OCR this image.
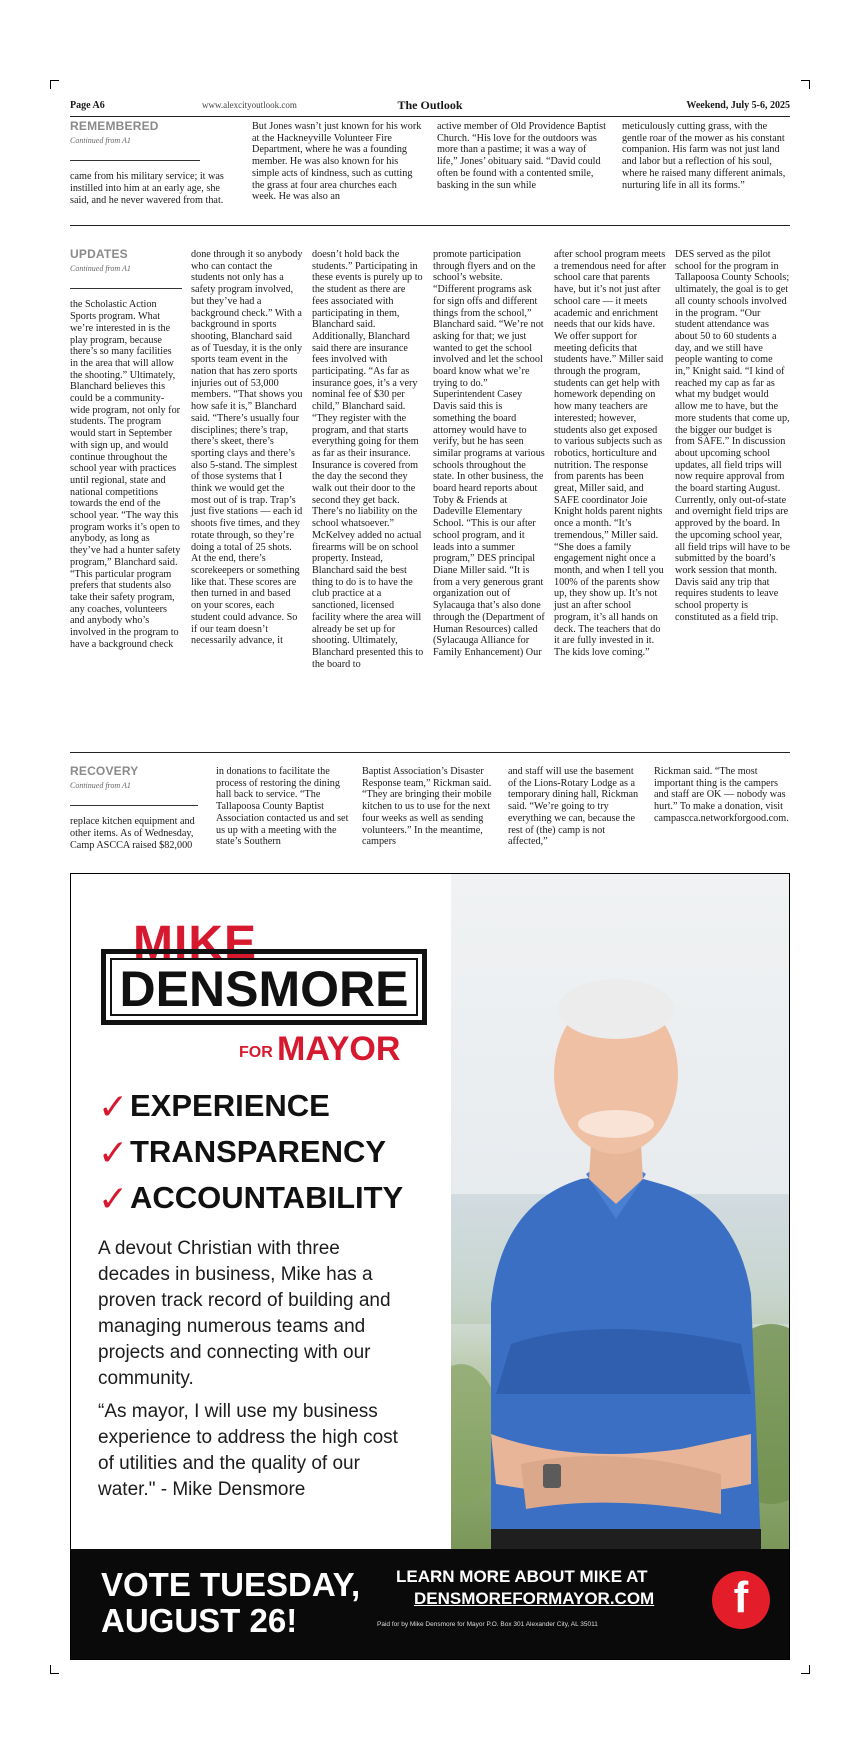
Page A6	www.alexcityoutlook.com	The Outlook	Weekend, July 5-6, 2025
REMEMBERED
Continued from A1

came from his military service; it was instilled into him at an early age, she said, and he never wavered from that.

But Jones wasn’t just known for his work at the Hackneyville Volunteer Fire Department, where he was a founding member. He was also known for his simple acts of kindness, such as cutting the grass at four area churches each week. He was also an

active member of Old Providence Baptist Church. “His love for the outdoors was more than a pastime; it was a way of life,” Jones’ obituary said. “David could often be found with a contented smile, basking in the sun while

meticulously cutting grass, with the gentle roar of the mower as his constant companion. His farm was not just land and labor but a reflection of his soul, where he raised many different animals, nurturing life in all its forms.”

UPDATES
Continued from A1

the Scholastic Action Sports program. What we’re interested in is the play program, because there’s so many facilities in the area that will allow the shooting.” Ultimately, Blanchard believes this could be a community-wide program, not only for students. The program would start in September with sign up, and would continue throughout the school year with practices until regional, state and national competitions towards the end of the school year. “The way this program works it’s open to anybody, as long as they’ve had a hunter safety program,” Blanchard said. “This particular program prefers that students also take their safety program, any coaches, volunteers and anybody who’s involved in the program to have a background check

done through it so anybody who can contact the students not only has a safety program involved, but they’ve had a background check.” With a background in sports shooting, Blanchard said as of Tuesday, it is the only sports team event in the nation that has zero sports injuries out of 53,000 members. “That shows you how safe it is,” Blanchard said. “There’s usually four disciplines; there’s trap, there’s skeet, there’s sporting clays and there’s also 5-stand. The simplest of those systems that I think we would get the most out of is trap. Trap’s just five stations — each id shoots five times, and they rotate through, so they’re doing a total of 25 shots. At the end, there’s scorekeepers or something like that. These scores are then turned in and based on your scores, each student could advance. So if our team doesn’t necessarily advance, it

doesn’t hold back the students.” Participating in these events is purely up to the student as there are fees associated with participating in them, Blanchard said. Additionally, Blanchard said there are insurance fees involved with participating. “As far as insurance goes, it’s a very nominal fee of $30 per child,” Blanchard said. “They register with the program, and that starts everything going for them as far as their insurance. Insurance is covered from the day the second they walk out their door to the second they get back. There’s no liability on the school whatsoever.” McKelvey added no actual firearms will be on school property. Instead, Blanchard said the best thing to do is to have the club practice at a sanctioned, licensed facility where the area will already be set up for shooting. Ultimately, Blanchard presented this to the board to

promote participation through flyers and on the school’s website. “Different programs ask for sign offs and different things from the school,” Blanchard said. “We’re not asking for that; we just wanted to get the school involved and let the school board know what we’re trying to do.” Superintendent Casey Davis said this is something the board attorney would have to verify, but he has seen similar programs at various schools throughout the state. In other business, the board heard reports about Toby & Friends at Dadeville Elementary School. “This is our after school program, and it leads into a summer program,” DES principal Diane Miller said. “It is from a very generous grant organization out of Sylacauga that’s also done through the (Department of Human Resources) called (Sylacauga Alliance for Family Enhancement) Our

after school program meets a tremendous need for after school care that parents have, but it’s not just after school care — it meets academic and enrichment needs that our kids have. We offer support for meeting deficits that students have.” Miller said through the program, students can get help with homework depending on how many teachers are interested; however, students also get exposed to various subjects such as robotics, horticulture and nutrition. The response from parents has been great, Miller said, and SAFE coordinator Joie Knight holds parent nights once a month. “It’s tremendous,” Miller said. “She does a family engagement night once a month, and when I tell you 100% of the parents show up, they show up. It’s not just an after school program, it’s all hands on deck. The teachers that do it are fully invested in it. The kids love coming.”

DES served as the pilot school for the program in Tallapoosa County Schools; ultimately, the goal is to get all county schools involved in the program. “Our student attendance was about 50 to 60 students a day, and we still have people wanting to come in,” Knight said. “I kind of reached my cap as far as what my budget would allow me to have, but the more students that come up, the bigger our budget is from SAFE.” In discussion about upcoming school updates, all field trips will now require approval from the board starting August. Currently, only out-of-state and overnight field trips are approved by the board. In the upcoming school year, all field trips will have to be submitted by the board’s work session that month. Davis said any trip that requires students to leave school property is constituted as a field trip.

RECOVERY
Continued from A1

replace kitchen equipment and other items. As of Wednesday, Camp ASCCA raised $82,000

in donations to facilitate the process of restoring the dining hall back to service. “The Tallapoosa County Baptist Association contacted us and set us up with a meeting with the state’s Southern

Baptist Association’s Disaster Response team,” Rickman said. “They are bringing their mobile kitchen to us to use for the next four weeks as well as sending volunteers.” In the meantime, campers

and staff will use the basement of the Lions-Rotary Lodge as a temporary dining hall, Rickman said. “We’re going to try everything we can, because the rest of (the) camp is not affected,”

Rickman said. “The most important thing is the campers and staff are OK — nobody was hurt.” To make a donation, visit campascca.networkforgood.com.

MIKE
DENSMORE
FOR MAYOR
✓ EXPERIENCE
✓ TRANSPARENCY
✓ ACCOUNTABILITY
A devout Christian with three decades in business, Mike has a proven track record of building and managing numerous teams and projects and connecting with our community.
“As mayor, I will use my business experience to address the high cost of utilities and the quality of our water." - Mike Densmore
VOTE TUESDAY,
AUGUST 26!
LEARN MORE ABOUT MIKE AT
DENSMOREFORMAYOR.COM
Paid for by Mike Densmore for Mayor P.O. Box 301 Alexander City, AL 35011
f
